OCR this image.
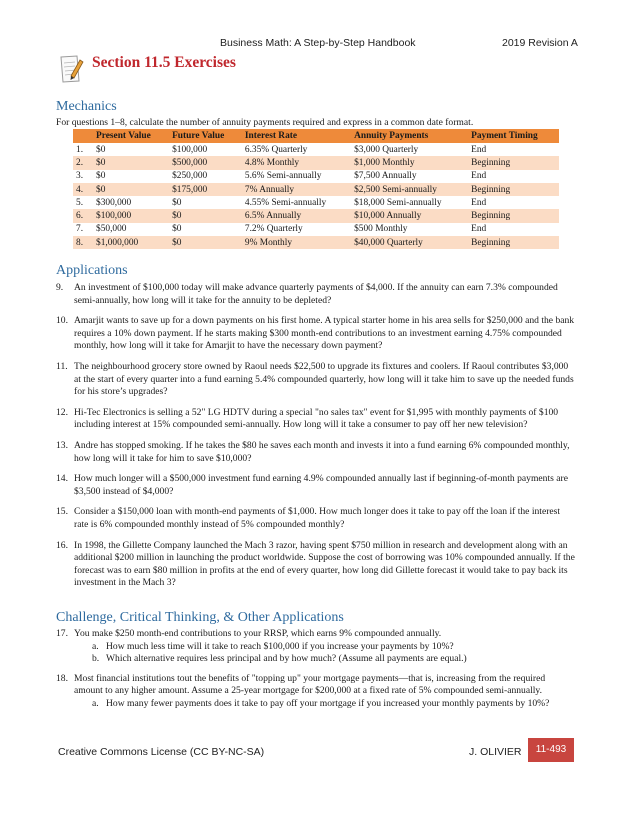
Business Math: A Step-by-Step Handbook	2019 Revision A
Section 11.5 Exercises
Mechanics
For questions 1–8, calculate the number of annuity payments required and express in a common date format.
	Present Value	Future Value	Interest Rate	Annuity Payments	Payment Timing
1.	$0	$100,000	6.35% Quarterly	$3,000 Quarterly	End
2.	$0	$500,000	4.8% Monthly	$1,000 Monthly	Beginning
3.	$0	$250,000	5.6% Semi-annually	$7,500 Annually	End
4.	$0	$175,000	7% Annually	$2,500 Semi-annually	Beginning
5.	$300,000	$0	4.55% Semi-annually	$18,000 Semi-annually	End
6.	$100,000	$0	6.5% Annually	$10,000 Annually	Beginning
7.	$50,000	$0	7.2% Quarterly	$500 Monthly	End
8.	$1,000,000	$0	9% Monthly	$40,000 Quarterly	Beginning
Applications
9. An investment of $100,000 today will make advance quarterly payments of $4,000. If the annuity can earn 7.3% compounded semi-annually, how long will it take for the annuity to be depleted?
10. Amarjit wants to save up for a down payments on his first home. A typical starter home in his area sells for $250,000 and the bank requires a 10% down payment. If he starts making $300 month-end contributions to an investment earning 4.75% compounded monthly, how long will it take for Amarjit to have the necessary down payment?
11. The neighbourhood grocery store owned by Raoul needs $22,500 to upgrade its fixtures and coolers. If Raoul contributes $3,000 at the start of every quarter into a fund earning 5.4% compounded quarterly, how long will it take him to save up the needed funds for his store’s upgrades?
12. Hi-Tec Electronics is selling a 52" LG HDTV during a special "no sales tax" event for $1,995 with monthly payments of $100 including interest at 15% compounded semi-annually. How long will it take a consumer to pay off her new television?
13. Andre has stopped smoking. If he takes the $80 he saves each month and invests it into a fund earning 6% compounded monthly, how long will it take for him to save $10,000?
14. How much longer will a $500,000 investment fund earning 4.9% compounded annually last if beginning-of-month payments are $3,500 instead of $4,000?
15. Consider a $150,000 loan with month-end payments of $1,000. How much longer does it take to pay off the loan if the interest rate is 6% compounded monthly instead of 5% compounded monthly?
16. In 1998, the Gillette Company launched the Mach 3 razor, having spent $750 million in research and development along with an additional $200 million in launching the product worldwide. Suppose the cost of borrowing was 10% compounded annually. If the forecast was to earn $80 million in profits at the end of every quarter, how long did Gillette forecast it would take to pay back its investment in the Mach 3?
Challenge, Critical Thinking, & Other Applications
17. You make $250 month-end contributions to your RRSP, which earns 9% compounded annually.
a. How much less time will it take to reach $100,000 if you increase your payments by 10%?
b. Which alternative requires less principal and by how much? (Assume all payments are equal.)
18. Most financial institutions tout the benefits of "topping up" your mortgage payments—that is, increasing from the required amount to any higher amount. Assume a 25-year mortgage for $200,000 at a fixed rate of 5% compounded semi-annually.
a. How many fewer payments does it take to pay off your mortgage if you increased your monthly payments by 10%?
Creative Commons License (CC BY-NC-SA)	J. OLIVIER	11-493
